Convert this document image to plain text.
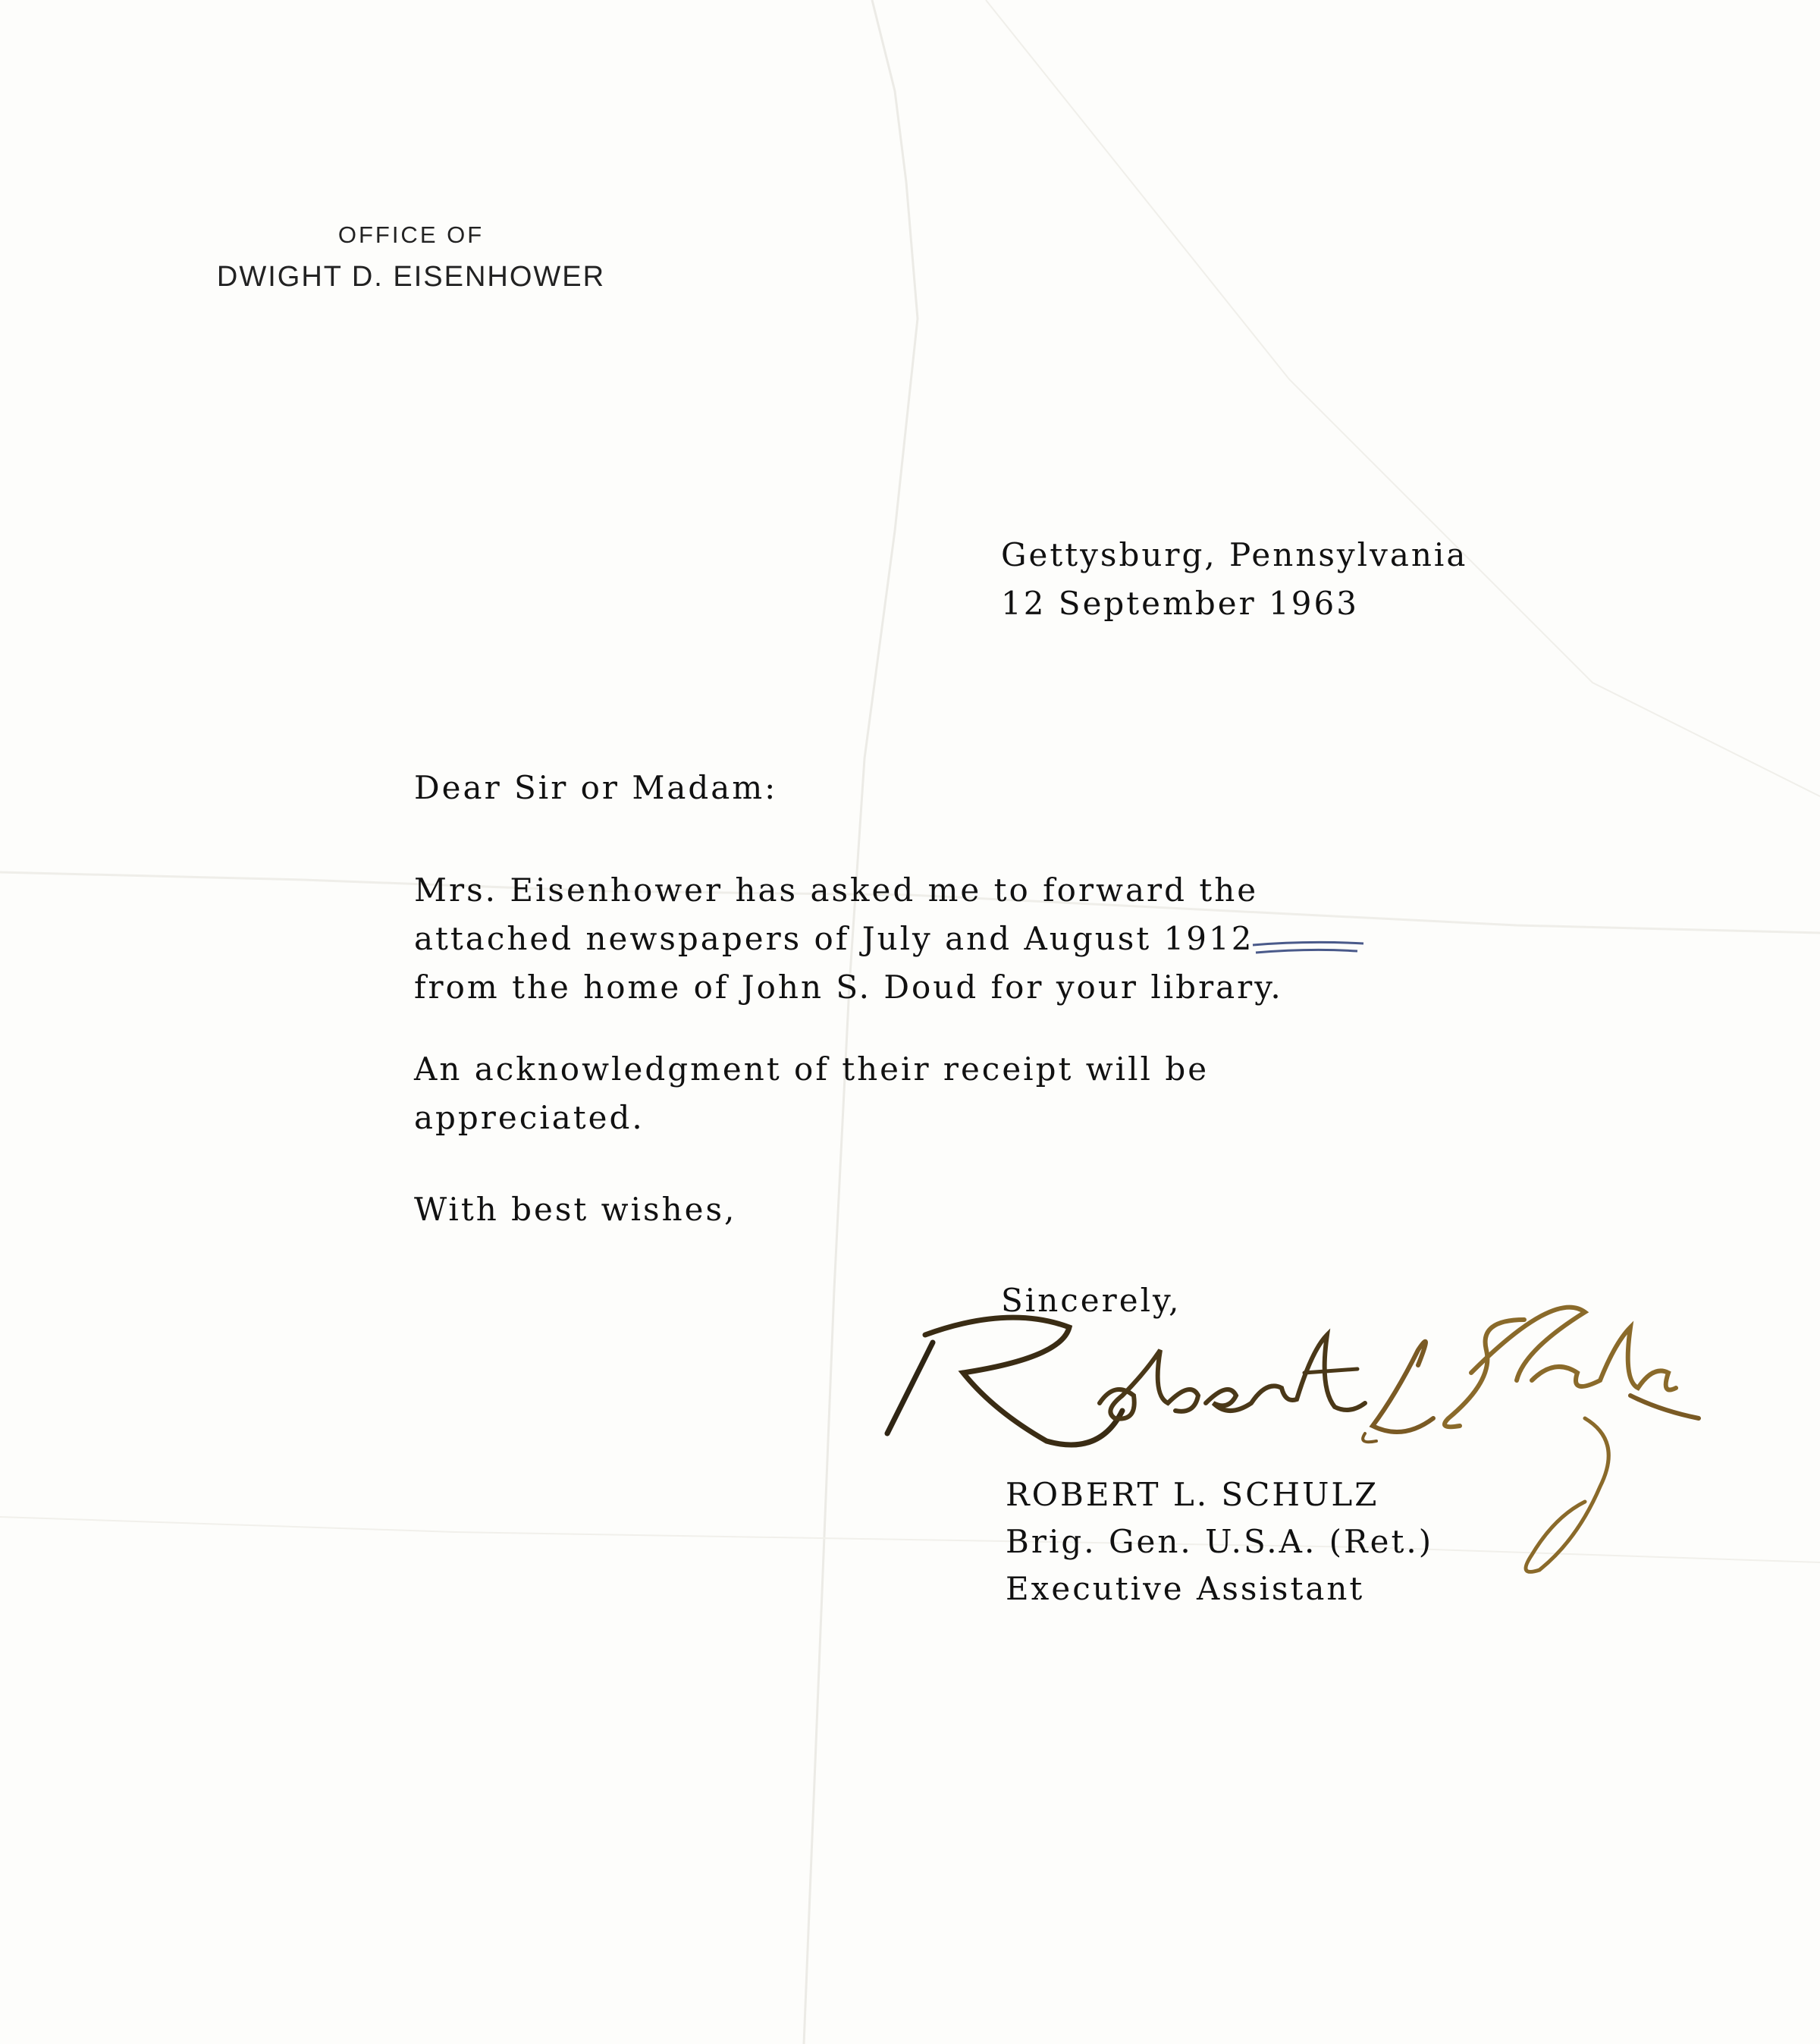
OFFICE OF
DWIGHT D. EISENHOWER
Gettysburg, Pennsylvania
12 September 1963
Dear Sir or Madam:
Mrs. Eisenhower has asked me to forward the
attached newspapers of July and August 1912
from the home of John S. Doud for your library.
An acknowledgment of their receipt will be
appreciated.
With best wishes,
Sincerely,
ROBERT L. SCHULZ
Brig. Gen. U.S.A. (Ret.)
Executive Assistant
